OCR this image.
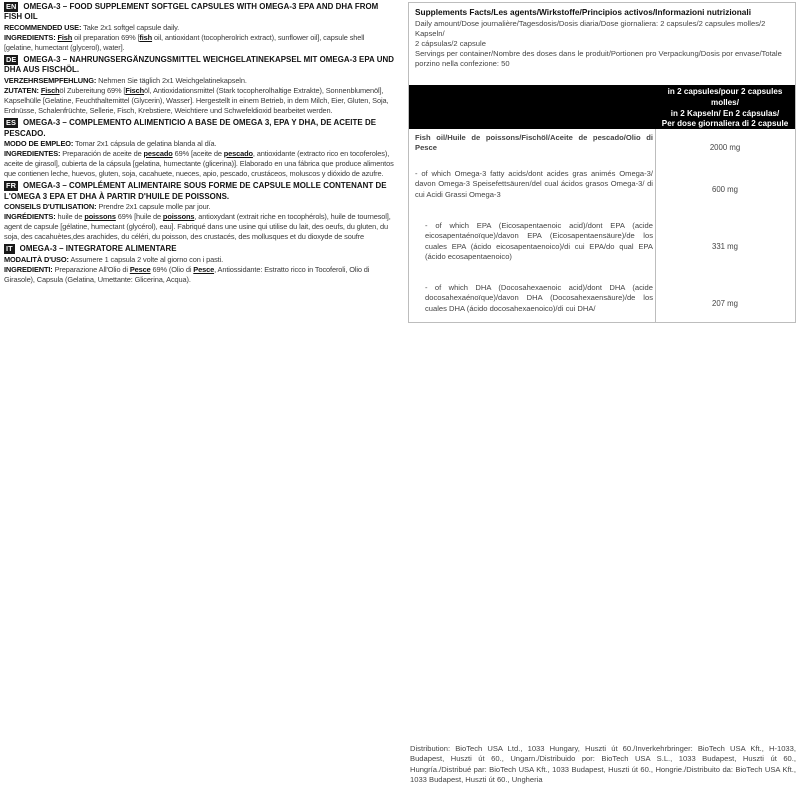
EN OMEGA-3 – FOOD SUPPLEMENT SOFTGEL CAPSULES WITH OMEGA-3 EPA AND DHA FROM FISH OIL

RECOMMENDED USE: Take 2x1 softgel capsule daily.

INGREDIENTS: Fish oil preparation 69% [fish oil, antioxidant (tocopherolrich extract), sunflower oil], capsule shell [gelatine, humectant (glycerol), water].

DE OMEGA-3 – NAHRUNGSERGÄNZUNGSMITTEL WEICHGELATINEKAPSEL MIT OMEGA-3 EPA UND DHA AUS FISCHÖL.

VERZEHRSEMPFEHLUNG: Nehmen Sie täglich 2x1 Weichgelatinekapseln.

ZUTATEN: Fischöl Zubereitung 69% [Fischöl, Antioxidationsmittel (Stark tocopherolhaltige Extrakte), Sonnenblumenöl], Kapselhülle [Gelatine, Feuchthaltemittel (Glycerin), Wasser]. Hergestellt in einem Betrieb, in dem Milch, Eier, Gluten, Soja, Erdnüsse, Schalenfrüchte, Sellerie, Fisch, Krebstiere, Weichtiere und Schwefeldioxid bearbeitet werden.

ES OMEGA-3 – COMPLEMENTO ALIMENTICIO A BASE DE OMEGA 3, EPA Y DHA, DE ACEITE DE PESCADO.

MODO DE EMPLEO: Tomar 2x1 cápsula de gelatina blanda al día.

INGREDIENTES: Preparación de aceite de pescado 69% [aceite de pescado, antioxidante (extracto rico en tocoferoles), aceite de girasol], cubierta de la cápsula [gelatina, humectante (glicerina)]. Elaborado en una fábrica que produce alimentos que contienen leche, huevos, gluten, soja, cacahuete, nueces, apio, pescado, crustáceos, moluscos y dióxido de azufre.

FR OMEGA-3 – COMPLÉMENT ALIMENTAIRE SOUS FORME DE CAPSULE MOLLE CONTENANT DE L'OMEGA 3 EPA ET DHA À PARTIR D'HUILE DE POISSONS.

CONSEILS D'UTILISATION: Prendre 2x1 capsule molle par jour.

INGRÉDIENTS: huile de poissons 69% [huile de poissons, antioxydant (extrait riche en tocophérols), huile de tournesol], agent de capsule [gélatine, humectant (glycérol), eau]. Fabriqué dans une usine qui utilise du lait, des oeufs, du gluten, du soja, des cacahuètes,des arachides, du céléri, du poisson, des crustacés, des mollusques et du dioxyde de soufre

IT OMEGA-3 – INTEGRATORE ALIMENTARE

MODALITÀ D'USO: Assumere 1 capsula 2 volte al giorno con i pasti.

INGREDIENTI: Preparazione All'Olio di Pesce 69% (Olio di Pesce, Antiossidante: Estratto ricco in Tocoferoli, Olio di Girasole), Capsula (Gelatina, Umettante: Glicerina, Acqua).

Supplements Facts/Les agents/Wirkstoffe/Principios activos/Informazioni nutrizionali
Daily amount/Dose journalière/Tagesdosis/Dosis diaria/Dose giornaliera: 2 capsules/2 capsules molles/2 Kapseln/
2 cápsulas/2 capsule
Servings per container/Nombre des doses dans le produit/Portionen pro Verpackung/Dosis por envase/Totale
porzino nella confezione: 50
in 2 capsules/pour 2 capsules molles/
in 2 Kapseln/ En 2 cápsulas/
Per dose giornaliera di 2 capsule 2
Fish oil/Huile de poissons/Fischöl/Aceite de pescado/Olio di Pesce	2000 mg
- of which Omega-3 fatty acids/dont acides gras animés Omega-3/ davon Omega-3 Speisefettsäuren/del cual ácidos grasos Omega-3/ di cui Acidi Grassi Omega-3
600 mg
- of which EPA (Eicosapentaenoic acid)/dont EPA (acide eicosapentaénoïque)/davon EPA (Eicosapentaensäure)/de los cuales EPA (ácido eicosapentaenoico)/di cui EPA/do qual EPA (ácido ecosapentaenoico)
331 mg
- of which DHA (Docosahexaenoic acid)/dont DHA (acide docosahexaénoïque)/davon DHA (Docosahexaensäure)/de los cuales DHA (ácido docosahexaenoico)/di cui DHA/
207 mg
Distribution: BioTech USA Ltd., 1033 Hungary, Huszti út 60./Inverkehrbringer: BioTech USA Kft., H-1033, Budapest, Huszti út 60., Ungarn./Distribuido por: BioTech USA S.L., 1033 Budapest, Huszti út 60., Hungría./Distribué par: BioTech USA Kft., 1033 Budapest, Huszti út 60., Hongrie./Distribuito da: BioTech USA Kft., 1033 Budapest, Huszti út 60., Ungheria
